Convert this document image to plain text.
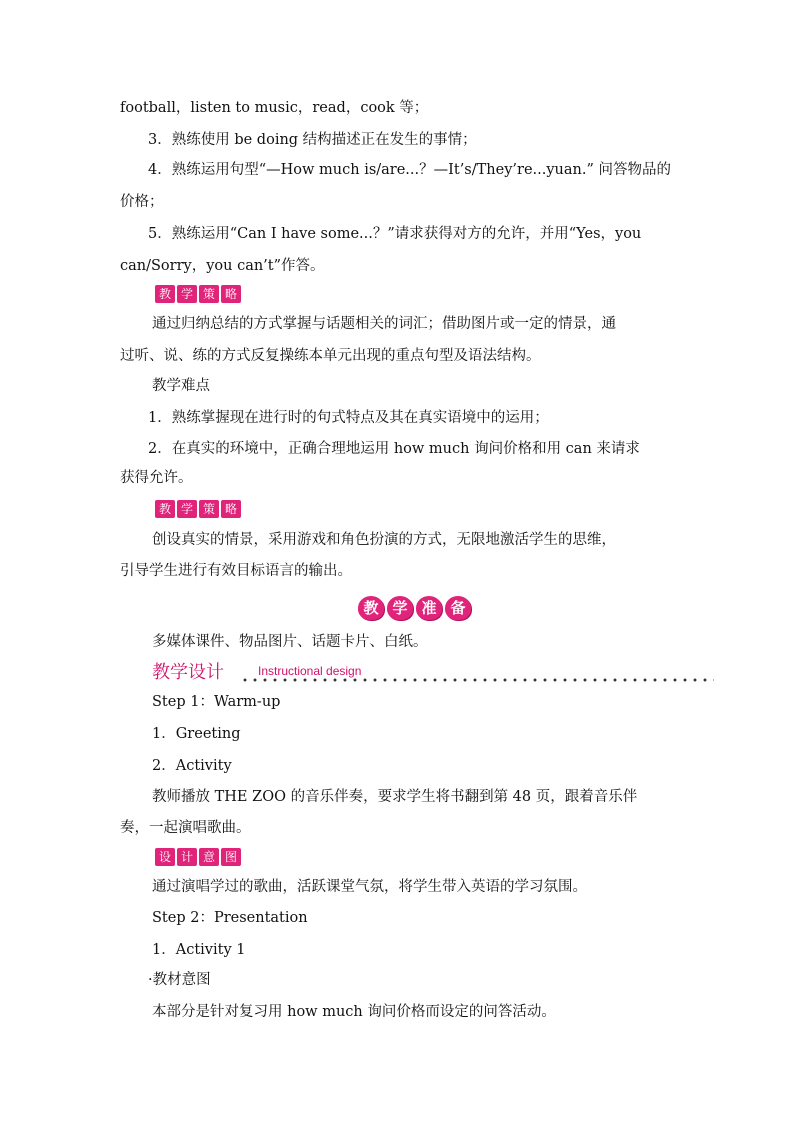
football，listen to music，read，cook 等；
3．熟练使用 be doing 结构描述正在发生的事情；
4．熟练运用句型“—How much is/are...？—It’s/They’re...yuan.” 问答物品的
价格；
5．熟练运用“Can I have some...？”请求获得对方的允许，并用“Yes，you
can/Sorry，you can’t”作答。
教 学 策 略
通过归纳总结的方式掌握与话题相关的词汇；借助图片或一定的情景，通
过听、说、练的方式反复操练本单元出现的重点句型及语法结构。
教学难点
1．熟练掌握现在进行时的句式特点及其在真实语境中的运用；
2．在真实的环境中，正确合理地运用 how much 询问价格和用 can 来请求
获得允许。
教 学 策 略
创设真实的情景，采用游戏和角色扮演的方式，无限地激活学生的思维，
引导学生进行有效目标语言的输出。
教 学 准 备
多媒体课件、物品图片、话题卡片、白纸。
教学设计	Instructional design
Step 1：Warm-up
1．Greeting
2．Activity
教师播放 THE ZOO 的音乐伴奏，要求学生将书翻到第 48 页，跟着音乐伴
奏，一起演唱歌曲。
设 计 意 图
通过演唱学过的歌曲，活跃课堂气氛，将学生带入英语的学习氛围。
Step 2：Presentation
1．Activity 1
·教材意图
本部分是针对复习用 how much 询问价格而设定的问答活动。
